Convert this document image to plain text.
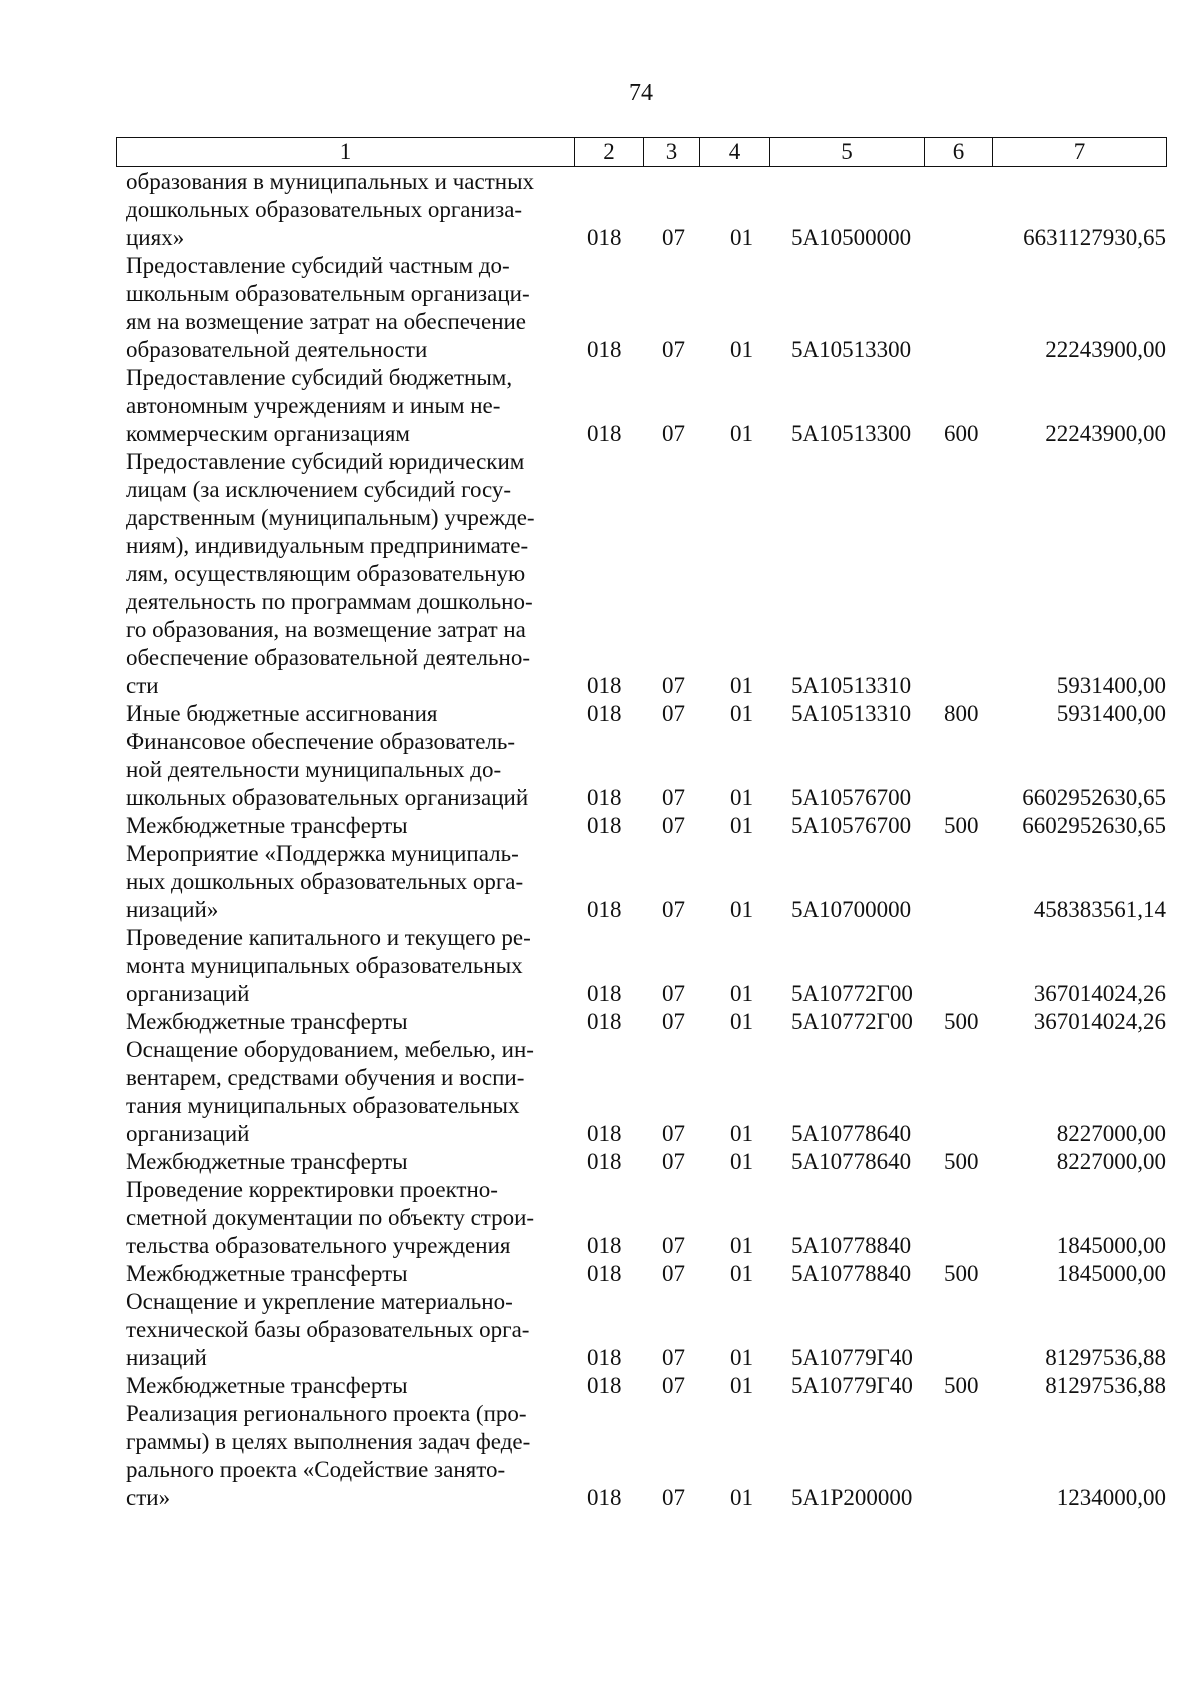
74
1	2	3	4	5	6	7
образования в муниципальных и частных
дошкольных образовательных организа-
циях»	018 07 01 5А10500000	6631127930,65
Предоставление субсидий частным до-
школьным образовательным организаци-
ям на возмещение затрат на обеспечение
образовательной деятельности	018 07 01 5А10513300	22243900,00
Предоставление субсидий бюджетным,
автономным учреждениям и иным не-
коммерческим организациям	018 07 01 5А10513300 600	22243900,00
Предоставление субсидий юридическим
лицам (за исключением субсидий госу-
дарственным (муниципальным) учрежде-
ниям), индивидуальным предпринимате-
лям, осуществляющим образовательную
деятельность по программам дошкольно-
го образования, на возмещение затрат на
обеспечение образовательной деятельно-
сти	018 07 01 5А10513310	5931400,00
Иные бюджетные ассигнования	018 07 01 5А10513310 800	5931400,00
Финансовое обеспечение образователь-
ной деятельности муниципальных до-
школьных образовательных организаций	018 07 01 5А10576700	6602952630,65
Межбюджетные трансферты	018 07 01 5А10576700 500 6602952630,65
Мероприятие «Поддержка муниципаль-
ных дошкольных образовательных орга-
низаций»	018 07 01 5А10700000	458383561,14
Проведение капитального и текущего ре-
монта муниципальных образовательных
организаций	018 07 01 5А10772Г00	367014024,26
Межбюджетные трансферты	018 07 01 5А10772Г00 500 367014024,26
Оснащение оборудованием, мебелью, ин-
вентарем, средствами обучения и воспи-
тания муниципальных образовательных
организаций	018 07 01 5А10778640	8227000,00
Межбюджетные трансферты	018 07 01 5А10778640 500	8227000,00
Проведение корректировки проектно-
сметной документации по объекту строи-
тельства образовательного учреждения	018 07 01 5А10778840	1845000,00
Межбюджетные трансферты	018 07 01 5А10778840 500	1845000,00
Оснащение и укрепление материально-
технической базы образовательных орга-
низаций	018 07 01 5А10779Г40	81297536,88
Межбюджетные трансферты	018 07 01 5А10779Г40 500	81297536,88
Реализация регионального проекта (про-
граммы) в целях выполнения задач феде-
рального проекта «Содействие занято-
сти»	018 07 01 5А1Р200000	1234000,00
